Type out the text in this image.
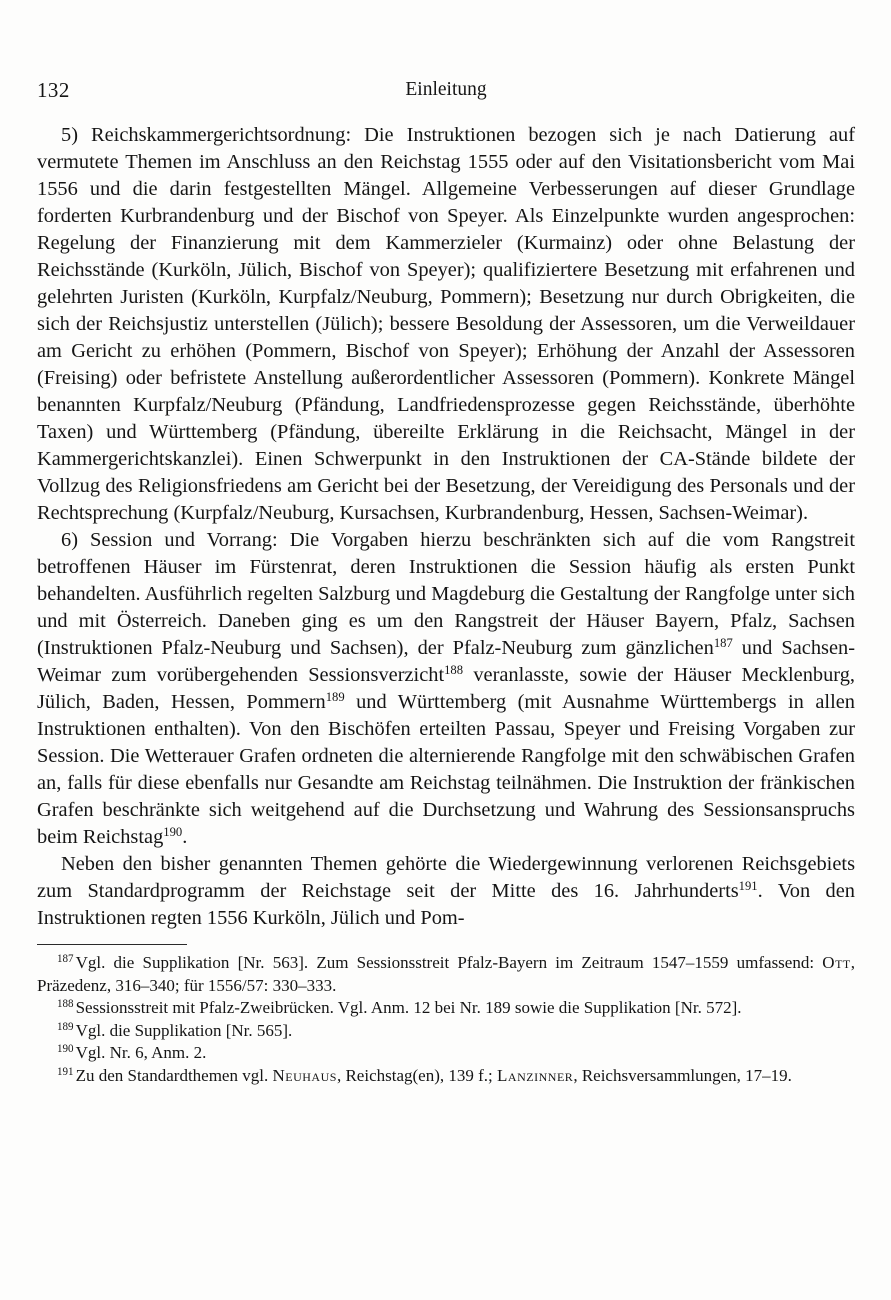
132	Einleitung

5) Reichskammergerichtsordnung: Die Instruktionen bezogen sich je nach Datierung auf vermutete Themen im Anschluss an den Reichstag 1555 oder auf den Visitationsbericht vom Mai 1556 und die darin festgestellten Mängel. Allgemeine Verbesserungen auf dieser Grundlage forderten Kurbrandenburg und der Bischof von Speyer. Als Einzelpunkte wurden angesprochen: Regelung der Finanzierung mit dem Kammerzieler (Kurmainz) oder ohne Belastung der Reichsstände (Kurköln, Jülich, Bischof von Speyer); qualifiziertere Besetzung mit erfahrenen und gelehrten Juristen (Kurköln, Kurpfalz/Neuburg, Pommern); Besetzung nur durch Obrigkeiten, die sich der Reichsjustiz unterstellen (Jülich); bessere Besoldung der Assessoren, um die Verweildauer am Gericht zu erhöhen (Pommern, Bischof von Speyer); Erhöhung der Anzahl der Assessoren (Freising) oder befristete Anstellung außerordentlicher Assessoren (Pommern). Konkrete Mängel benannten Kurpfalz/Neuburg (Pfändung, Landfriedensprozesse gegen Reichsstände, überhöhte Taxen) und Württemberg (Pfändung, übereilte Erklärung in die Reichsacht, Mängel in der Kammergerichtskanzlei). Einen Schwerpunkt in den Instruktionen der CA-Stände bildete der Vollzug des Religionsfriedens am Gericht bei der Besetzung, der Vereidigung des Personals und der Rechtsprechung (Kurpfalz/Neuburg, Kursachsen, Kurbrandenburg, Hessen, Sachsen-Weimar).

6) Session und Vorrang: Die Vorgaben hierzu beschränkten sich auf die vom Rangstreit betroffenen Häuser im Fürstenrat, deren Instruktionen die Session häufig als ersten Punkt behandelten. Ausführlich regelten Salzburg und Magdeburg die Gestaltung der Rangfolge unter sich und mit Österreich. Daneben ging es um den Rangstreit der Häuser Bayern, Pfalz, Sachsen (Instruktionen Pfalz-Neuburg und Sachsen), der Pfalz-Neuburg zum gänzlichen$^{187}$ und Sachsen-Weimar zum vorübergehenden Sessionsverzicht$^{188}$ veranlasste, sowie der Häuser Mecklenburg, Jülich, Baden, Hessen, Pommern$^{189}$ und Württemberg (mit Ausnahme Württembergs in allen Instruktionen enthalten). Von den Bischöfen erteilten Passau, Speyer und Freising Vorgaben zur Session. Die Wetterauer Grafen ordneten die alternierende Rangfolge mit den schwäbischen Grafen an, falls für diese ebenfalls nur Gesandte am Reichstag teilnähmen. Die Instruktion der fränkischen Grafen beschränkte sich weitgehend auf die Durchsetzung und Wahrung des Sessionsanspruchs beim Reichstag$^{190}$.

Neben den bisher genannten Themen gehörte die Wiedergewinnung verlorenen Reichsgebiets zum Standardprogramm der Reichstage seit der Mitte des 16. Jahrhunderts$^{191}$. Von den Instruktionen regten 1556 Kurköln, Jülich und Pom-

$^{187}$ Vgl. die Supplikation [Nr. 563]. Zum Sessionsstreit Pfalz-Bayern im Zeitraum 1547–1559 umfassend: Ott, Präzedenz, 316–340; für 1556/57: 330–333.

$^{188}$ Sessionsstreit mit Pfalz-Zweibrücken. Vgl. Anm. 12 bei Nr. 189 sowie die Supplikation [Nr. 572].

$^{189}$ Vgl. die Supplikation [Nr. 565].

$^{190}$ Vgl. Nr. 6, Anm. 2.

$^{191}$ Zu den Standardthemen vgl. Neuhaus, Reichstag(en), 139 f.; Lanzinner, Reichsversammlungen, 17–19.
